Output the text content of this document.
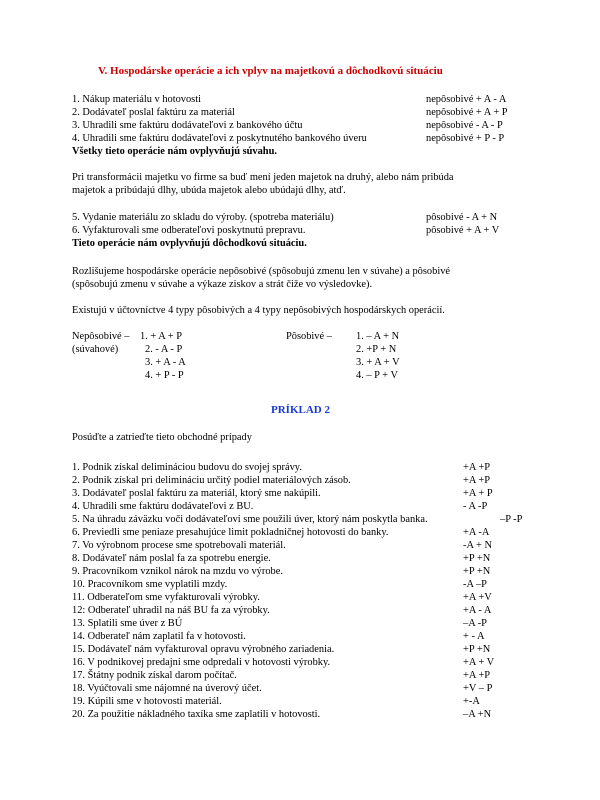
V. Hospodárske operácie a ich vplyv na majetkovú a dôchodkovú situáciu
1. Nákup materiálu v hotovosti	nepôsobivé + A - A
2. Dodávateľ poslal faktúru za materiál	nepôsobivé + A + P
3. Uhradili sme faktúru dodávateľovi z bankového účtu	nepôsobivé - A - P
4. Uhradili sme faktúru dodávateľovi z poskytnutého bankového úveru	nepôsobivé + P - P
Všetky tieto operácie nám ovplyvňujú súvahu.
Pri transformácii majetku vo firme sa buď mení jeden majetok na druhý, alebo nám pribúda
majetok a pribúdajú dlhy, ubúda majetok alebo ubúdajú dlhy, atď.
5. Vydanie materiálu zo skladu do výroby. (spotreba materiálu)	pôsobivé - A + N
6. Vyfakturovali sme odberateľovi poskytnutú prepravu.	pôsobivé + A + V
Tieto operácie nám ovplyvňujú dôchodkovú situáciu.
Rozlišujeme hospodárske operácie nepôsobivé (spôsobujú zmenu len v súvahe) a pôsobivé
(spôsobujú zmenu v súvahe a výkaze ziskov a strát čiže vo výsledovke).
Existujú v účtovníctve 4 typy pôsobivých a 4 typy nepôsobivých hospodárskych operácií.
Nepôsobivé –
(súvahové)
1. + A + P
2. - A - P
3. + A - A
4. + P - P
Pôsobivé – 1. – A + N
2. +P + N
3. + A + V
4. – P + V
PRÍKLAD 2
Posúďte a zatrieďte tieto obchodné prípady
1. Podnik získal delimináciou budovu do svojej správy.	+A +P
2. Podnik získal pri delimináciu určitý podiel materiálových zásob.	+A +P
3. Dodávateľ poslal faktúru za materiál, ktorý sme nakúpili.	+A + P
4. Uhradili sme faktúru dodávateľovi z BU.	- A -P
5. Na úhradu záväzku voči dodávateľovi sme použili úver, ktorý nám poskytla banka.	–P -P
6. Previedli sme peniaze presahujúce limit pokladničnej hotovosti do banky.	+A -A
7. Vo výrobnom procese sme spotrebovali materiál.	-A + N
8. Dodávateľ nám poslal fa za spotrebu energie.	+P +N
9. Pracovníkom vznikol nárok na mzdu vo výrobe.	+P +N
10. Pracovníkom sme vyplatili mzdy.	-A –P
11. Odberateľom sme vyfakturovali výrobky.	+A +V
12: Odberateľ uhradil na náš BU fa za výrobky.	+A - A
13. Splatili sme úver z BÚ	–A -P
14. Odberateľ nám zaplatil fa v hotovosti.	+ - A
15. Dodávateľ nám vyfakturoval opravu výrobného zariadenia.	+P +N
16. V podnikovej predajni sme odpredali v hotovosti výrobky.	+A + V
17. Štátny podnik získal darom počítač.	+A +P
18. Vyúčtovali sme nájomné na úverový účet.	+V – P
19. Kúpili sme v hotovosti materiál.	+-A
20. Za použitie nákladného taxíka sme zaplatili v hotovosti.	–A +N
